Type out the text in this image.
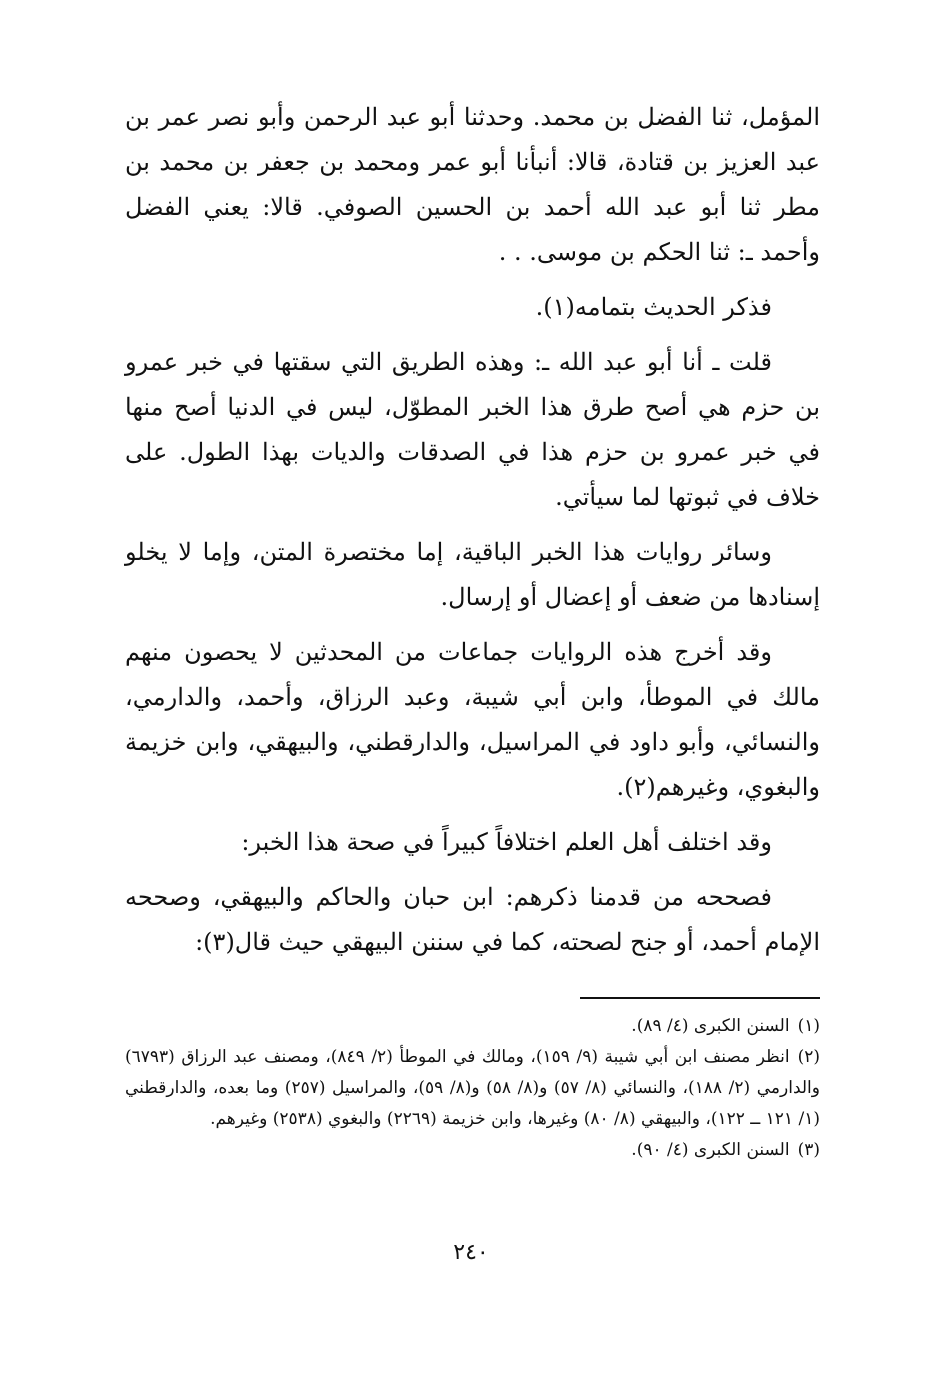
المؤمل، ثنا الفضل بن محمد. وحدثنا أبو عبد الرحمن وأبو نصر عمر بن عبد العزيز بن قتادة، قالا: أنبأنا أبو عمر ومحمد بن جعفر بن محمد بن مطر ثنا أبو عبد الله أحمد بن الحسين الصوفي. قالا: يعني الفضل وأحمد ـ: ثنا الحكم بن موسى. . .

فذكر الحديث بتمامه(١).

قلت ـ أنا أبو عبد الله ـ: وهذه الطريق التي سقتها في خبر عمرو بن حزم هي أصح طرق هذا الخبر المطوّل، ليس في الدنيا أصح منها في خبر عمرو بن حزم هذا في الصدقات والديات بهذا الطول. على خلاف في ثبوتها لما سيأتي.

وسائر روايات هذا الخبر الباقية، إما مختصرة المتن، وإما لا يخلو إسنادها من ضعف أو إعضال أو إرسال.

وقد أخرج هذه الروايات جماعات من المحدثين لا يحصون منهم مالك في الموطأ، وابن أبي شيبة، وعبد الرزاق، وأحمد، والدارمي، والنسائي، وأبو داود في المراسيل، والدارقطني، والبيهقي، وابن خزيمة والبغوي، وغيرهم(٢).

وقد اختلف أهل العلم اختلافاً كبيراً في صحة هذا الخبر:

فصححه من قدمنا ذكرهم: ابن حبان والحاكم والبيهقي، وصححه الإمام أحمد، أو جنح لصحته، كما في سننن البيهقي حيث قال(٣):

(١)السنن الكبرى (٤/ ٨٩).

(٢)انظر مصنف ابن أبي شيبة (٩/ ١٥٩)، ومالك في الموطأ (٢/ ٨٤٩)، ومصنف عبد الرزاق (٦٧٩٣) والدارمي (٢/ ١٨٨)، والنسائي (٨/ ٥٧) و(٨/ ٥٨) و(٨/ ٥٩)، والمراسيل (٢٥٧) وما بعده، والدارقطني (١/ ١٢١ ــ ١٢٢)، والبيهقي (٨/ ٨٠) وغيرها، وابن خزيمة (٢٢٦٩) والبغوي (٢٥٣٨) وغيرهم.

(٣)السنن الكبرى (٤/ ٩٠).

٢٤٠
